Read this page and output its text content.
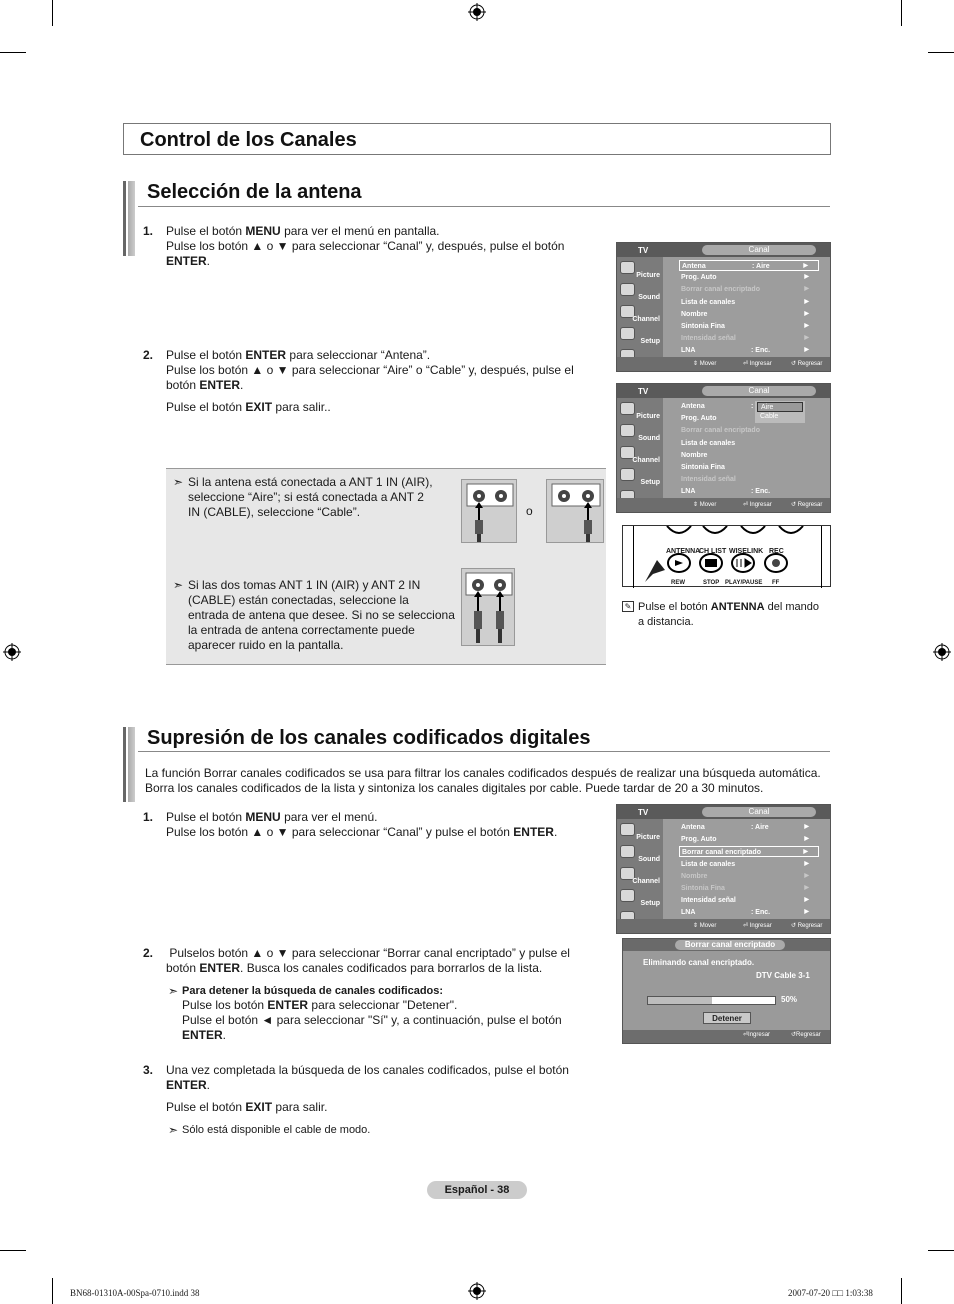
Control de los Canales
Selección de la antena
1. Pulse el botón MENU para ver el menú en pantalla.
Pulse los botón ▲ o ▼ para seleccionar “Canal” y, después, pulse el botón
ENTER.
2. Pulse el botón ENTER para seleccionar “Antena”.
Pulse los botón ▲ o ▼ para seleccionar “Aire” o “Cable” y, después, pulse el
botón ENTER.
Pulse el botón EXIT para salir..
➣ Si la antena está conectada a ANT 1 IN (AIR),
seleccione “Aire”; si está conectada a ANT 2
IN (CABLE), seleccione “Cable”.	o
➣ Si las dos tomas ANT 1 IN (AIR) y ANT 2 IN
(CABLE) están conectadas, seleccione la
entrada de antena que desee. Si no se selecciona
la entrada de antena correctamente puede
aparecer ruido en la pantalla.
TV	Canal
Picture
Sound
Channel
Setup
Antena	: Aire	▶
Prog. Auto	▶
Borrar canal encriptado	▶
Lista de canales	▶
Nombre	▶
Sintonia Fina	▶
Intensidad señal	▶
LNA	: Enc.	▶
⇕ Mover	⏎ Ingresar	↺ Regresar
TV	Canal
Picture
Sound
Channel
Setup
Antena	:
Prog. Auto
Borrar canal encriptado
Lista de canales
Nombre
Sintonia Fina
Intensidad señal
LNA	: Enc.
Aire
Cable
⇕ Mover	⏎ Ingresar	↺ Regresar
ANTENNA
CH LIST WISELINK REC
REW	STOP PLAY/PAUSE FF
✎ Pulse el botón ANTENNA del mando
a distancia.
Supresión de los canales codificados digitales
La función Borrar canales codificados se usa para filtrar los canales codificados después de realizar una búsqueda automática.
Borra los canales codificados de la lista y sintoniza los canales digitales por cable. Puede tardar de 20 a 30 minutos.
1. Pulse el botón MENU para ver el menú.
Pulse los botón ▲ o ▼ para seleccionar “Canal” y pulse el botón ENTER.
2. Pulselos botón ▲ o ▼ para seleccionar “Borrar canal encriptado” y pulse el
botón ENTER. Busca los canales codificados para borrarlos de la lista.
➣ Para detener la búsqueda de canales codificados:
Pulse los botón ENTER para seleccionar "Detener".
Pulse el botón ◄ para seleccionar "Sí" y, a continuación, pulse el botón
ENTER.
3. Una vez completada la búsqueda de los canales codificados, pulse el botón
ENTER.
Pulse el botón EXIT para salir.
➣ Sólo está disponible el cable de modo.
TV	Canal
Picture
Sound
Channel
Setup
Antena	: Aire	▶
Prog. Auto	▶
Borrar canal encriptado	▶
Lista de canales	▶
Nombre	▶
Sintonia Fina	▶
Intensidad señal	▶
LNA	: Enc.	▶
⇕ Mover	⏎ Ingresar	↺ Regresar
Borrar canal encriptado
Eliminando canal encriptado.
DTV Cable 3-1
50%
Detener
⏎Ingresar	↺Regresar
Español - 38
BN68-01310A-00Spa-0710.indd 38	2007-07-20 □□ 1:03:38
